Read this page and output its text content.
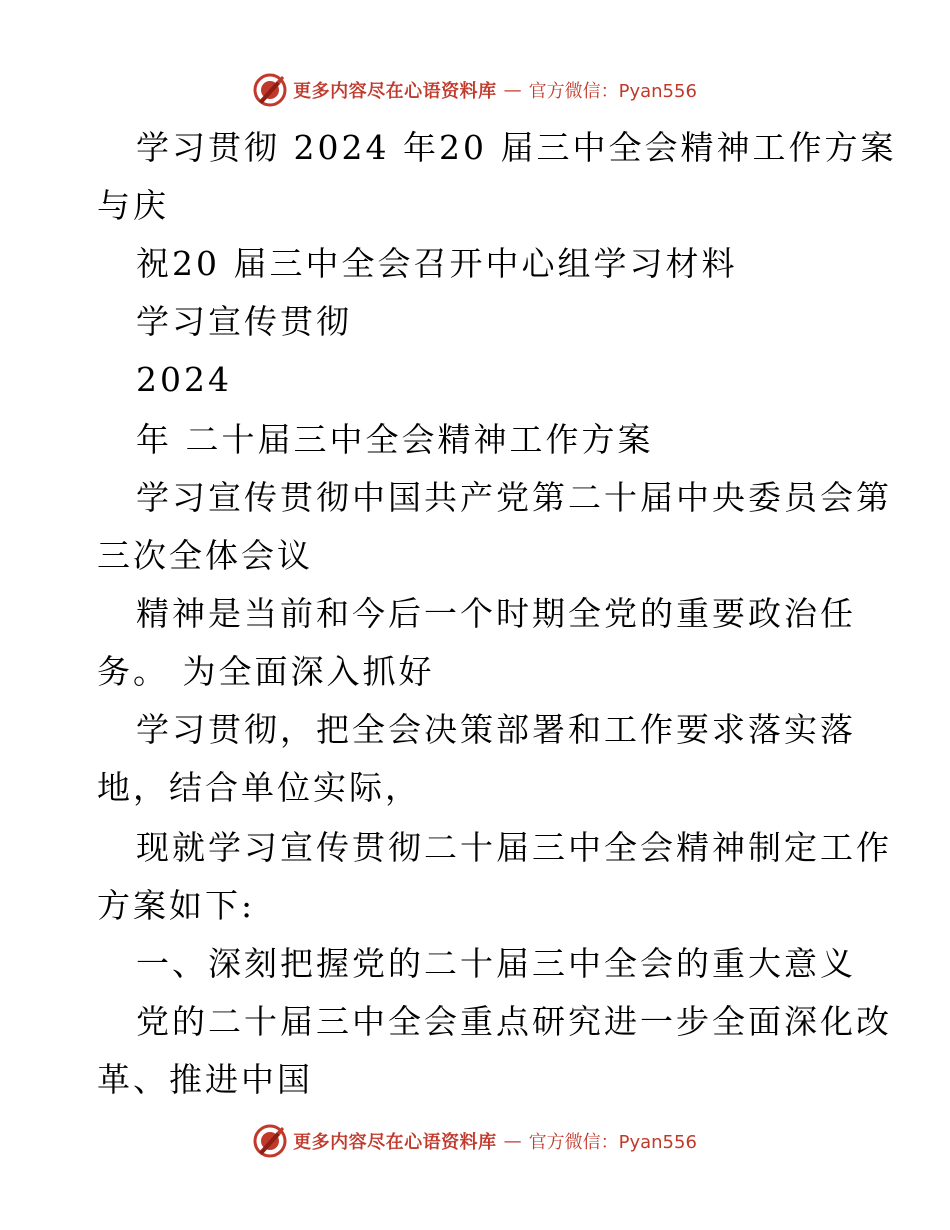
更多内容尽在心语资料库 — 官方微信：Pyan556
学习贯彻 2024 年20 届三中全会精神工作方案
与庆
祝20 届三中全会召开中心组学习材料
学习宣传贯彻
2024
年 二十届三中全会精神工作方案
学习宣传贯彻中国共产党第二十届中央委员会第
三次全体会议
精神是当前和今后一个时期全党的重要政治任
务。 为全面深入抓好
学习贯彻，把全会决策部署和工作要求落实落
地，结合单位实际，
现就学习宣传贯彻二十届三中全会精神制定工作
方案如下:
一、深刻把握党的二十届三中全会的重大意义
党的二十届三中全会重点研究进一步全面深化改
革、推进中国
更多内容尽在心语资料库 — 官方微信：Pyan556
